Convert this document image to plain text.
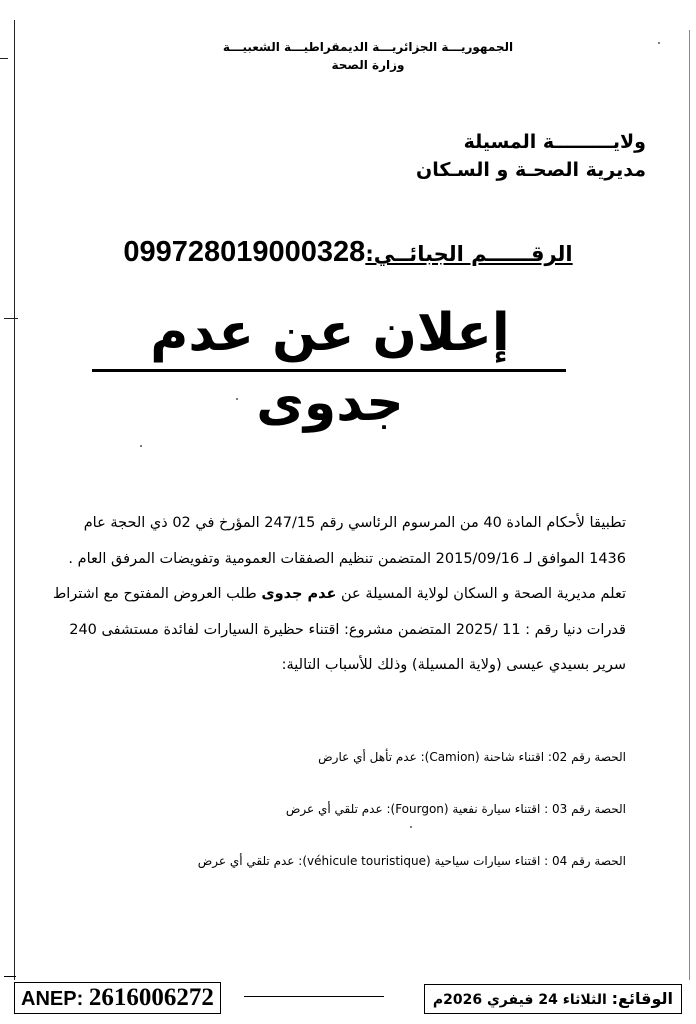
الجمهوريـــة الجزائريـــة الديمقراطيـــة الشعبيـــة
وزارة الصحة
ولايـــــــــة المسيلة
مديرية الصحـة و السـكان
الرقــــــم الجبائــي:099728019000328
إعلان عن عدم جدوى
تطبيقا لأحكام المادة 40 من المرسوم الرئاسي رقم 247/15 المؤرخ في 02 ذي الحجة عام
1436 الموافق لـ 2015/09/16 المتضمن تنظيم الصفقات العمومية وتفويضات المرفق العام .
تعلم مديرية الصحة و السكان لولاية المسيلة عن عدم جدوى طلب العروض المفتوح مع اشتراط
قدرات دنيا رقم : 11 /2025 المتضمن مشروع: اقتناء حظيرة السيارات لفائدة مستشفى 240
سرير بسيدي عيسى (ولاية المسيلة) وذلك للأسباب التالية:
الحصة رقم 02: اقتناء شاحنة (Camion): عدم تأهل أي عارض
الحصة رقم 03 : اقتناء سيارة نفعية (Fourgon): عدم تلقي أي عرض
الحصة رقم 04 : اقتناء سيارات سياحية (véhicule touristique): عدم تلقي أي عرض
ANEP: 2616006272	الوقائع: الثلاثاء 24 فيفري 2026م
